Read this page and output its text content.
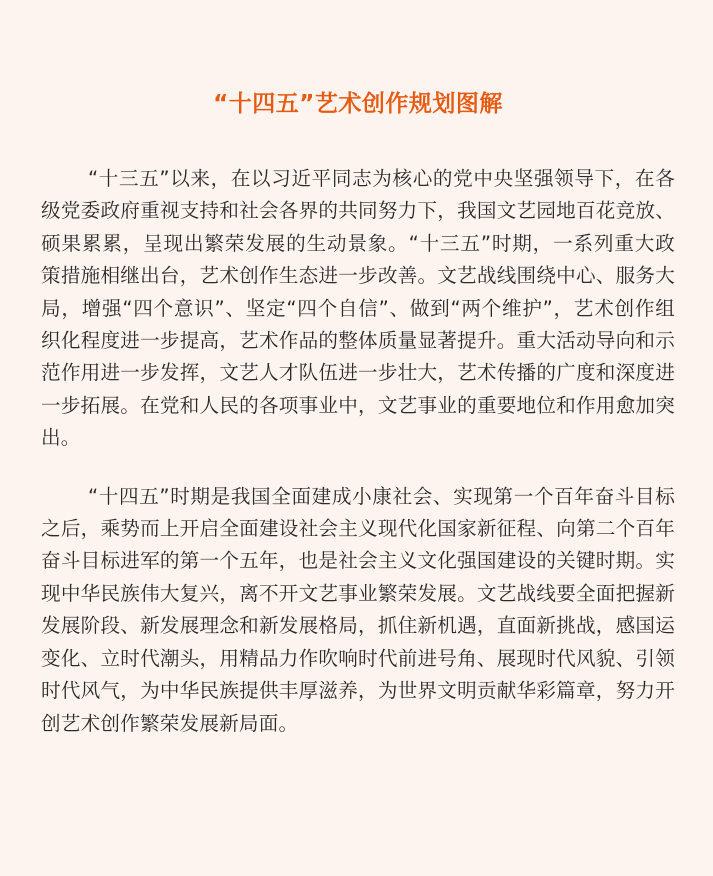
“十四五”艺术创作规划图解

“十三五”以来，在以习近平同志为核心的党中央坚强领导下，在各级党委政府重视支持和社会各界的共同努力下，我国文艺园地百花竞放、硕果累累，呈现出繁荣发展的生动景象。“十三五”时期，一系列重大政策措施相继出台，艺术创作生态进一步改善。文艺战线围绕中心、服务大局，增强“四个意识”、坚定“四个自信”、做到“两个维护”，艺术创作组织化程度进一步提高，艺术作品的整体质量显著提升。重大活动导向和示范作用进一步发挥，文艺人才队伍进一步壮大，艺术传播的广度和深度进一步拓展。在党和人民的各项事业中，文艺事业的重要地位和作用愈加突出。

“十四五”时期是我国全面建成小康社会、实现第一个百年奋斗目标之后，乘势而上开启全面建设社会主义现代化国家新征程、向第二个百年奋斗目标进军的第一个五年，也是社会主义文化强国建设的关键时期。实现中华民族伟大复兴，离不开文艺事业繁荣发展。文艺战线要全面把握新发展阶段、新发展理念和新发展格局，抓住新机遇，直面新挑战，感国运变化、立时代潮头，用精品力作吹响时代前进号角、展现时代风貌、引领时代风气，为中华民族提供丰厚滋养，为世界文明贡献华彩篇章，努力开创艺术创作繁荣发展新局面。
